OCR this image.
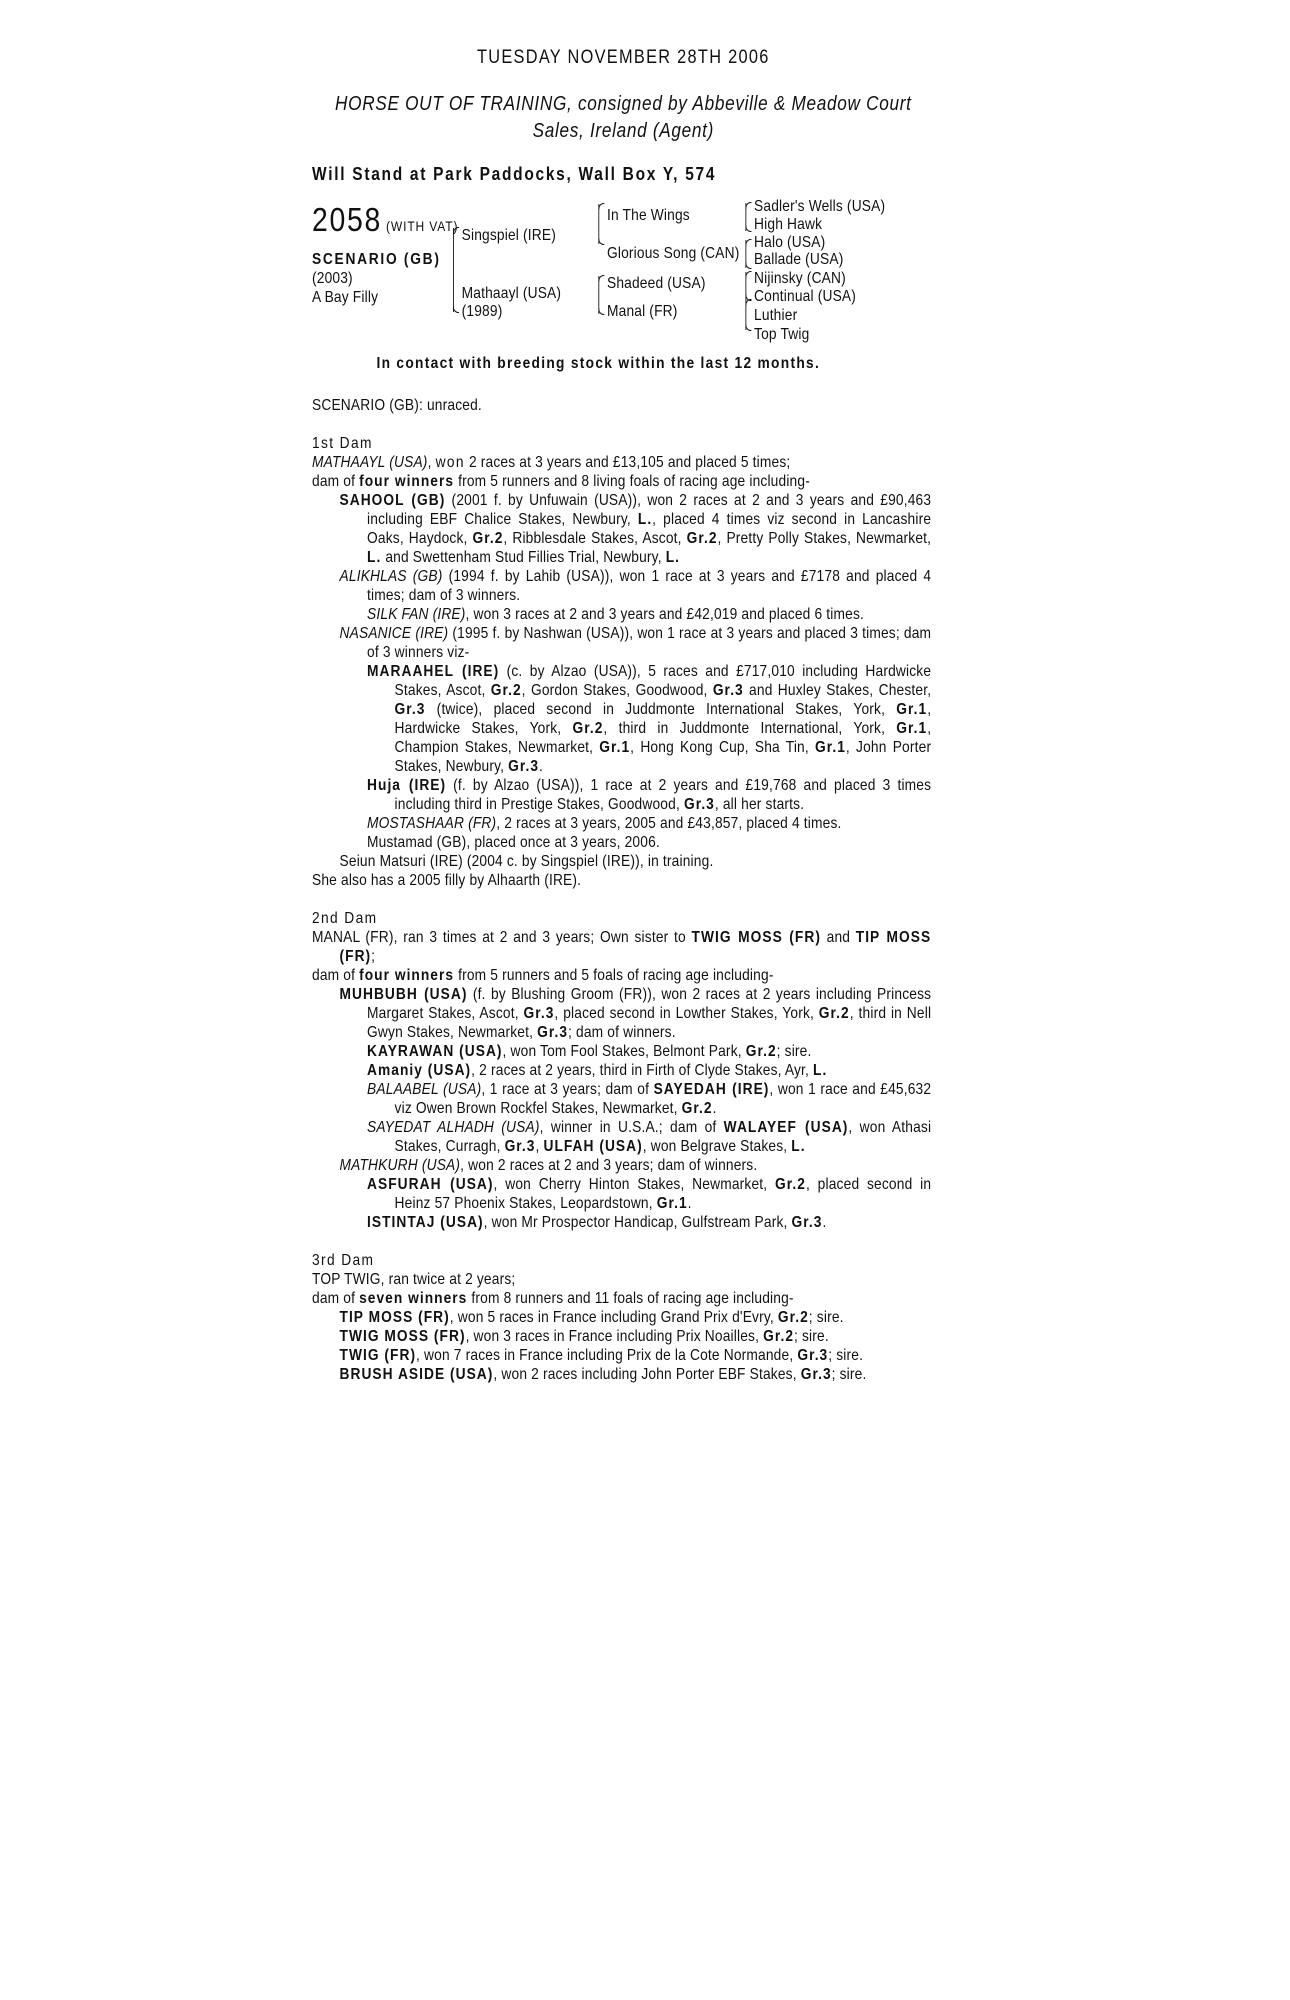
TUESDAY NOVEMBER 28TH 2006
HORSE OUT OF TRAINING, consigned by Abbeville & Meadow Court
Sales, Ireland (Agent)
Will Stand at Park Paddocks, Wall Box Y, 574
2058 (WITH VAT)
SCENARIO (GB)
(2003)
A Bay Filly
Singspiel (IRE)
Mathaayl (USA)
(1989)
In The Wings
Glorious Song (CAN)
Shadeed (USA)
Manal (FR)
Sadler's Wells (USA)
High Hawk
Halo (USA)
Ballade (USA)
Nijinsky (CAN)
Continual (USA)
Luthier
Top Twig
In contact with breeding stock within the last 12 months.

SCENARIO (GB): unraced.

1st Dam

MATHAAYL (USA), won 2 races at 3 years and £13,105 and placed 5 times;

dam of four winners from 5 runners and 8 living foals of racing age including-

SAHOOL (GB) (2001 f. by Unfuwain (USA)), won 2 races at 2 and 3 years and £90,463 including EBF Chalice Stakes, Newbury, L., placed 4 times viz second in Lancashire Oaks, Haydock, Gr.2, Ribblesdale Stakes, Ascot, Gr.2, Pretty Polly Stakes, Newmarket, L. and Swettenham Stud Fillies Trial, Newbury, L.

ALIKHLAS (GB) (1994 f. by Lahib (USA)), won 1 race at 3 years and £7178 and placed 4 times; dam of 3 winners.

SILK FAN (IRE), won 3 races at 2 and 3 years and £42,019 and placed 6 times.

NASANICE (IRE) (1995 f. by Nashwan (USA)), won 1 race at 3 years and placed 3 times; dam of 3 winners viz-

MARAAHEL (IRE) (c. by Alzao (USA)), 5 races and £717,010 including Hardwicke Stakes, Ascot, Gr.2, Gordon Stakes, Goodwood, Gr.3 and Huxley Stakes, Chester, Gr.3 (twice), placed second in Juddmonte International Stakes, York, Gr.1, Hardwicke Stakes, York, Gr.2, third in Juddmonte International, York, Gr.1, Champion Stakes, Newmarket, Gr.1, Hong Kong Cup, Sha Tin, Gr.1, John Porter Stakes, Newbury, Gr.3.

Huja (IRE) (f. by Alzao (USA)), 1 race at 2 years and £19,768 and placed 3 times including third in Prestige Stakes, Goodwood, Gr.3, all her starts.

MOSTASHAAR (FR), 2 races at 3 years, 2005 and £43,857, placed 4 times.

Mustamad (GB), placed once at 3 years, 2006.

Seiun Matsuri (IRE) (2004 c. by Singspiel (IRE)), in training.

She also has a 2005 filly by Alhaarth (IRE).

2nd Dam

MANAL (FR), ran 3 times at 2 and 3 years; Own sister to TWIG MOSS (FR) and TIP MOSS (FR);

dam of four winners from 5 runners and 5 foals of racing age including-

MUHBUBH (USA) (f. by Blushing Groom (FR)), won 2 races at 2 years including Princess Margaret Stakes, Ascot, Gr.3, placed second in Lowther Stakes, York, Gr.2, third in Nell Gwyn Stakes, Newmarket, Gr.3; dam of winners.

KAYRAWAN (USA), won Tom Fool Stakes, Belmont Park, Gr.2; sire.

Amaniy (USA), 2 races at 2 years, third in Firth of Clyde Stakes, Ayr, L.

BALAABEL (USA), 1 race at 3 years; dam of SAYEDAH (IRE), won 1 race and £45,632 viz Owen Brown Rockfel Stakes, Newmarket, Gr.2.

SAYEDAT ALHADH (USA), winner in U.S.A.; dam of WALAYEF (USA), won Athasi Stakes, Curragh, Gr.3, ULFAH (USA), won Belgrave Stakes, L.

MATHKURH (USA), won 2 races at 2 and 3 years; dam of winners.

ASFURAH (USA), won Cherry Hinton Stakes, Newmarket, Gr.2, placed second in Heinz 57 Phoenix Stakes, Leopardstown, Gr.1.

ISTINTAJ (USA), won Mr Prospector Handicap, Gulfstream Park, Gr.3.

3rd Dam

TOP TWIG, ran twice at 2 years;

dam of seven winners from 8 runners and 11 foals of racing age including-

TIP MOSS (FR), won 5 races in France including Grand Prix d'Evry, Gr.2; sire.

TWIG MOSS (FR), won 3 races in France including Prix Noailles, Gr.2; sire.

TWIG (FR), won 7 races in France including Prix de la Cote Normande, Gr.3; sire.

BRUSH ASIDE (USA), won 2 races including John Porter EBF Stakes, Gr.3; sire.
